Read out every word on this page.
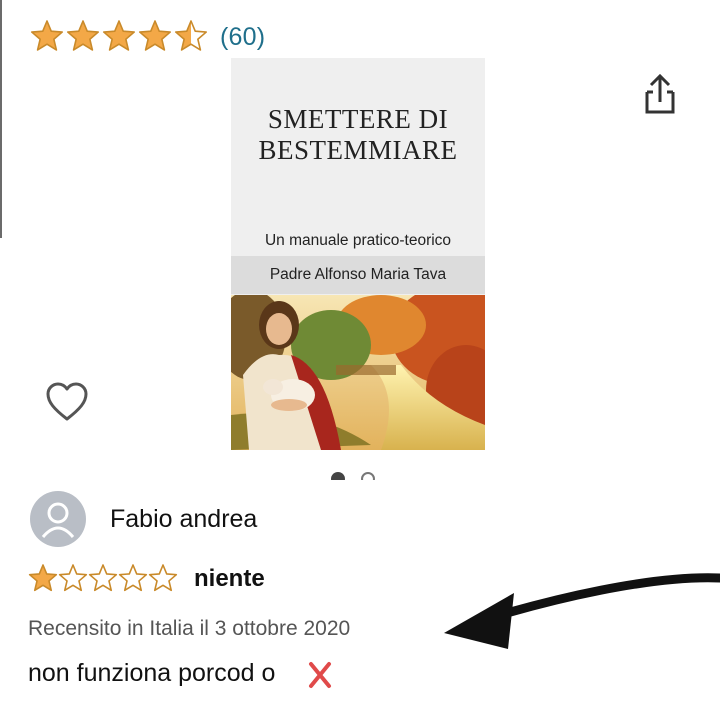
(60)
SMETTERE DI BESTEMMIARE
Un manuale pratico-teorico
Padre Alfonso Maria Tava
Fabio andrea
niente
Recensito in Italia il 3 ottobre 2020
non funziona porcod o
